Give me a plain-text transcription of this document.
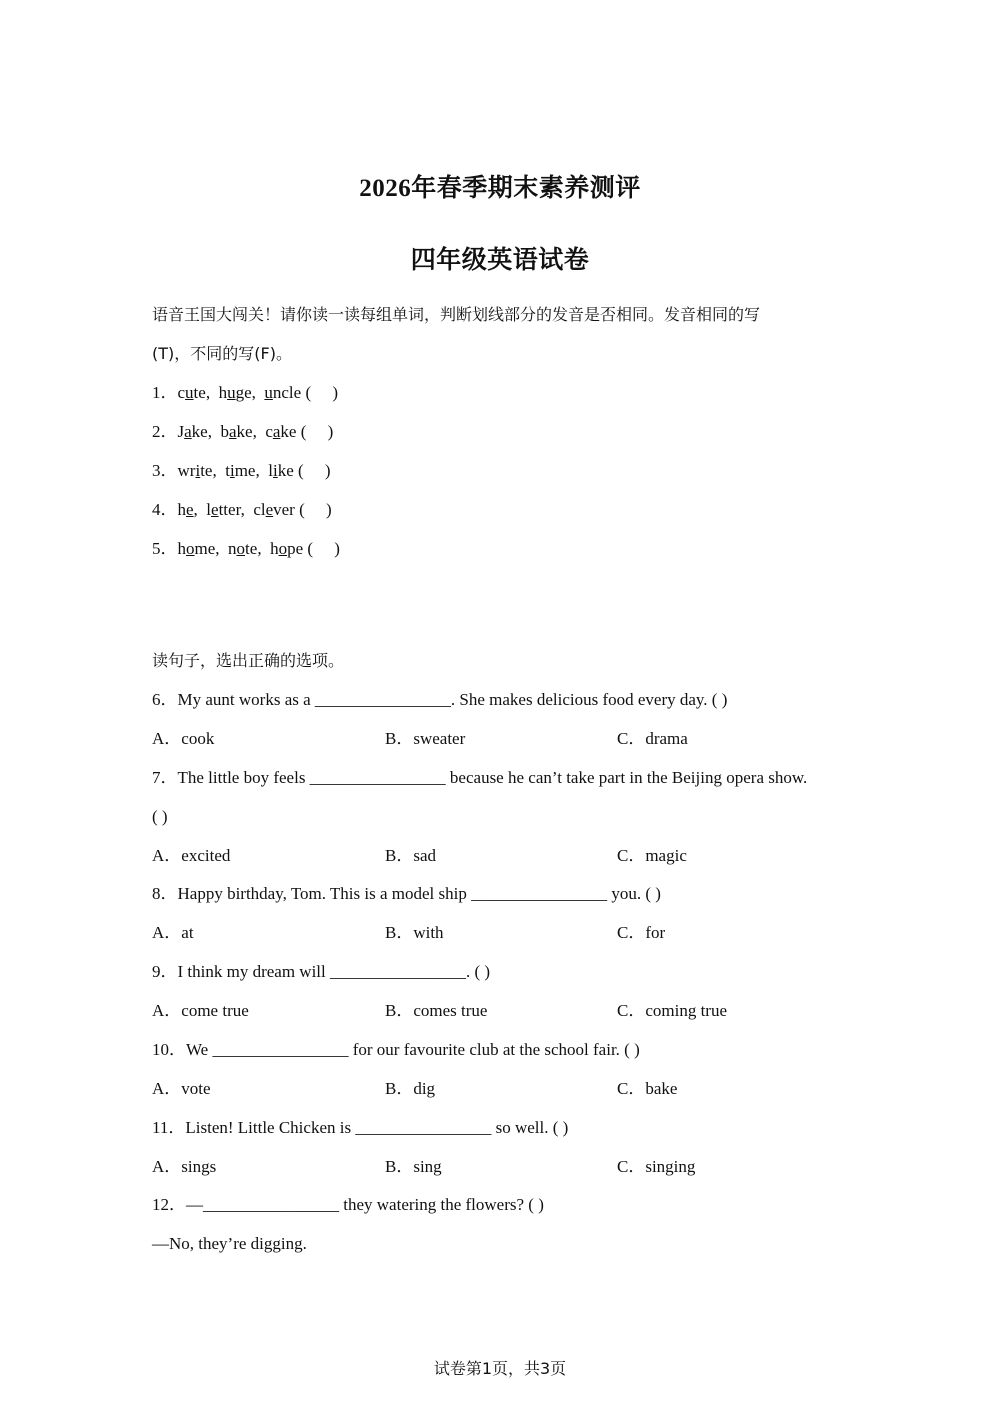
2026年春季期末素养测评
四年级英语试卷
语音王国大闯关！请你读一读每组单词，判断划线部分的发音是否相同。发音相同的写
(T)，不同的写(F)。
1．cute,  huge,  uncle (     )
2．Jake,  bake,  cake (     )
3．write,  time,  like (     )
4．he,  letter,  clever (     )
5．home,  note,  hope (     )
读句子，选出正确的选项。
6．My aunt works as a ________________. She makes delicious food every day. ( )
A．cook	B．sweater	C．drama
7．The little boy feels ________________ because he can’t take part in the Beijing opera show.
( )
A．excited	B．sad	C．magic
8．Happy birthday, Tom. This is a model ship ________________ you. ( )
A．at	B．with	C．for
9．I think my dream will ________________. ( )
A．come true	B．comes true	C．coming true
10．We ________________ for our favourite club at the school fair. ( )
A．vote	B．dig	C．bake
11．Listen! Little Chicken is ________________ so well. ( )
A．sings	B．sing	C．singing
12．—________________ they watering the flowers? ( )
—No, they’re digging.
试卷第1页，共3页
